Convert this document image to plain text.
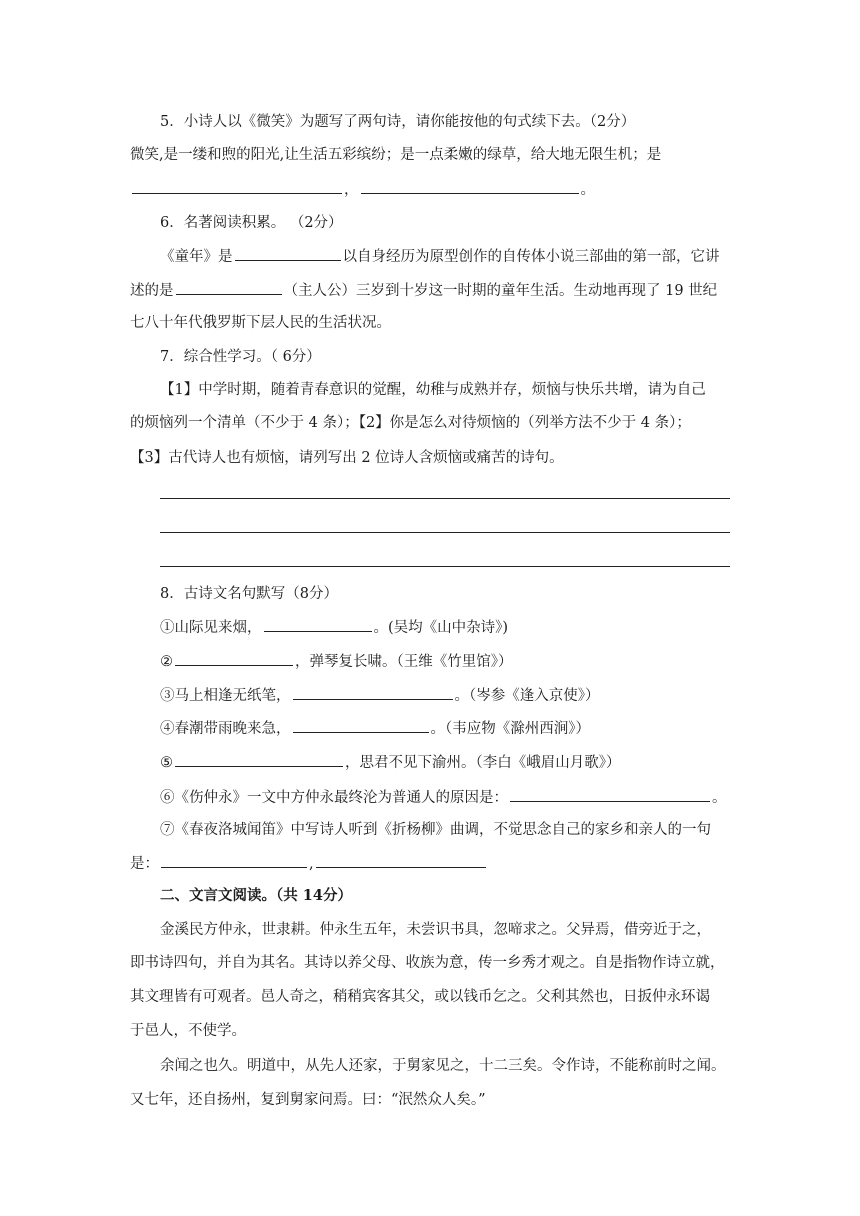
5．小诗人以《微笑》为题写了两句诗，请你能按他的句式续下去。（2分）
微笑,是一缕和煦的阳光,让生活五彩缤纷；是一点柔嫩的绿草，给大地无限生机；是
，	。
6．名著阅读积累。 （2分）
《童年》是	以自身经历为原型创作的自传体小说三部曲的第一部，它讲
述的是	（主人公）三岁到十岁这一时期的童年生活。生动地再现了 19 世纪
七八十年代俄罗斯下层人民的生活状况。
7．综合性学习。（ 6分）
【1】中学时期，随着青春意识的觉醒，幼稚与成熟并存，烦恼与快乐共增，请为自己
的烦恼列一个清单（不少于 4 条）；【2】你是怎么对待烦恼的（列举方法不少于 4 条）；
【3】古代诗人也有烦恼，请列写出 2 位诗人含烦恼或痛苦的诗句。
8．古诗文名句默写（8分）
①山际见来烟，	。(吴均《山中杂诗》)
②	，弹琴复长啸。（王维《竹里馆》）
③马上相逢无纸笔，	。（岑参《逢入京使》）
④春潮带雨晚来急，	。（韦应物《滁州西涧》）
⑤	，思君不见下渝州。（李白《峨眉山月歌》）
⑥《伤仲永》一文中方仲永最终沦为普通人的原因是：	。
⑦《春夜洛城闻笛》中写诗人听到《折杨柳》曲调，不觉思念自己的家乡和亲人的一句
是：	,
二、文言文阅读。（共 14分）
金溪民方仲永，世隶耕。仲永生五年，未尝识书具，忽啼求之。父异焉，借旁近于之，
即书诗四句，并自为其名。其诗以养父母、收族为意，传一乡秀才观之。自是指物作诗立就，
其文理皆有可观者。邑人奇之，稍稍宾客其父，或以钱币乞之。父利其然也，日扳仲永环谒
于邑人，不使学。
余闻之也久。明道中，从先人还家，于舅家见之，十二三矣。令作诗，不能称前时之闻。
又七年，还自扬州，复到舅家问焉。曰：“泯然众人矣。”
